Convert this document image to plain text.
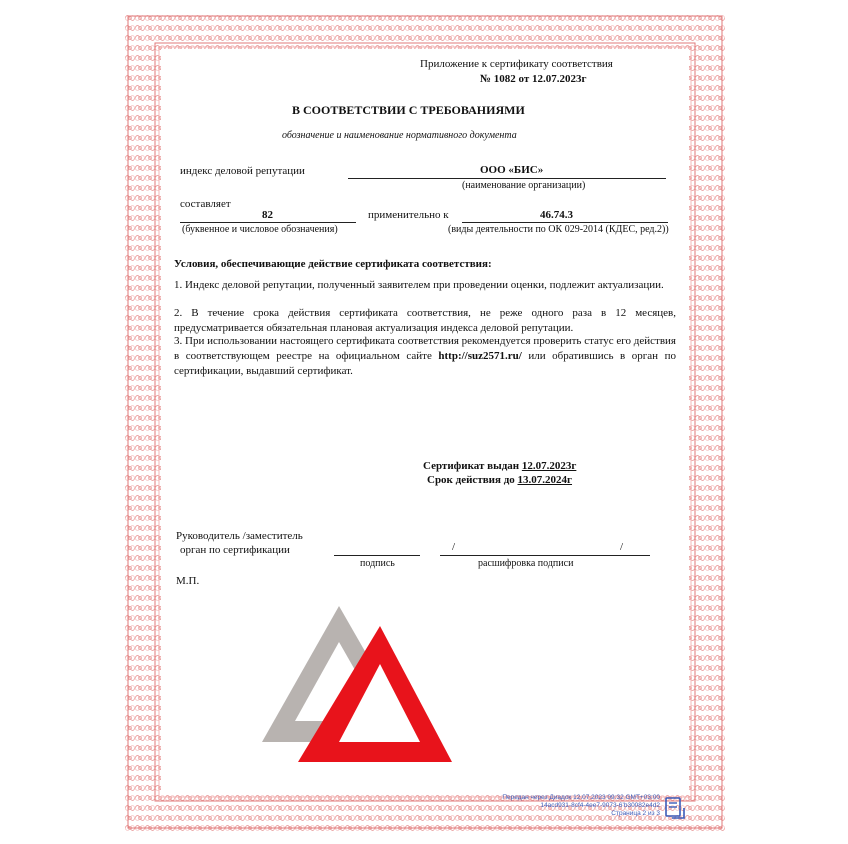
Приложение к сертификату соответствия
№ 1082 от 12.07.2023г
В СООТВЕТСТВИИ С ТРЕБОВАНИЯМИ
обозначение и наименование нормативного документа
индекс деловой репутации	ООО «БИС»
(наименование организации)
составляет
82
(буквенное и числовое обозначения)
применительно к	46.74.3
(виды деятельности по ОК 029-2014 (КДЕС, ред.2))
Условия, обеспечивающие действие сертификата соответствия:
1. Индекс деловой репутации, полученный заявителем при проведении оценки, подлежит актуализации.
2. В течение срока действия сертификата соответствия, не реже одного раза в 12 месяцев, предусматривается обязательная плановая актуализация индекса деловой репутации.
3. При использовании настоящего сертификата соответствия рекомендуется проверить статус его действия в соответствующем реестре на официальном сайте http://suz2571.ru/ или обратившись в орган по сертификации, выдавший сертификат.
Сертификат выдан 12.07.2023г
Срок действия до 13.07.2024г
Руководитель /заместитель
орган по сертификации	/	/
подпись	расшифровка подписи
М.П.
Передан через Диадок 12.07.2023 09:32 GMT+03:00
14acd931-8cf4-4ee7-9073-6’b30082e4d2
Страница 2 из 3
